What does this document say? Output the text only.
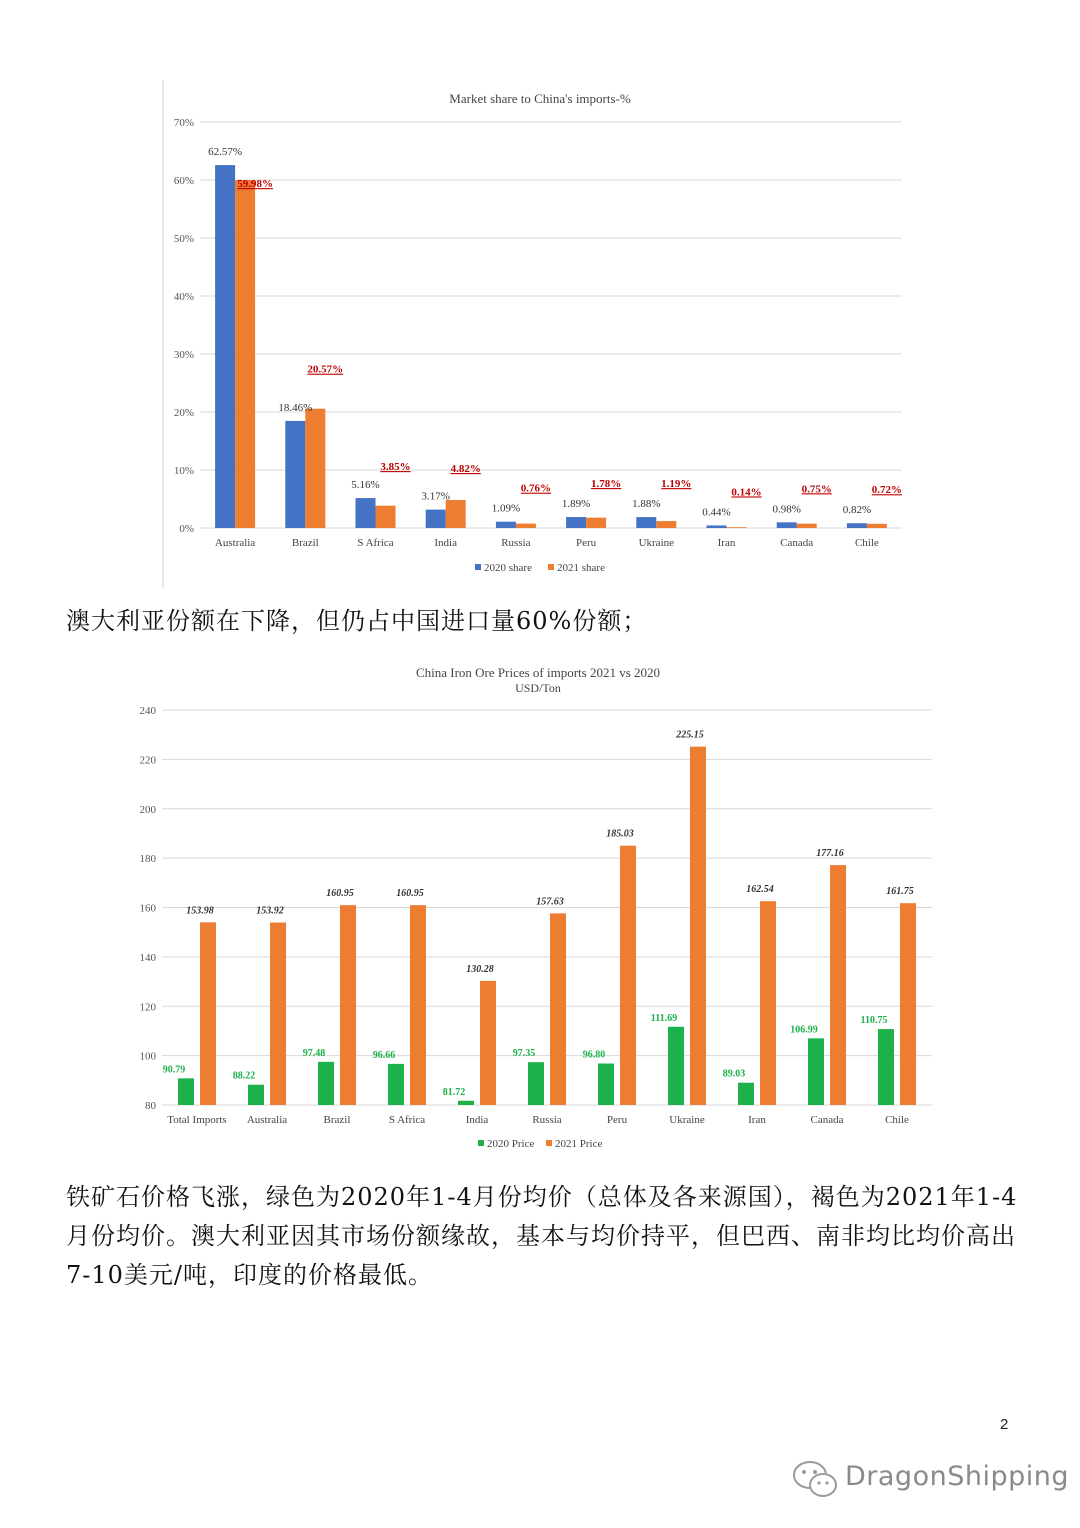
Market share to China's imports-%
0%
10%
20%
30%
40%
50%
60%
70%
62.57%
59.98%
18.46%
20.57%
5.16%
3.85%
3.17%
4.82%
1.09%
0.76%
1.89%
1.78%
1.88%
1.19%
0.44%
0.14%
0.98%
0.75%
0.82%
0.72%
Australia	Brazil	S Africa	India	Russia	Peru	Ukraine	Iran	Canada	Chile
2020 share 2021 share

澳大利亚份额在下降，但仍占中国进口量60%份额；

China Iron Ore Prices of imports 2021 vs 2020
USD/Ton
80
100
120
140
160
180
200
220
240
90.79
153.98
88.22
153.92
97.48
160.95
96.66
160.95
81.72
130.28
97.35
157.63
96.80
185.03
111.69
225.15
89.03
162.54
106.99
177.16
110.75
161.75
Total Imports Australia	Brazil	S Africa	India	Russia	Peru	Ukraine	Iran	Canada	Chile
2020 Price 2021 Price

铁矿石价格飞涨，绿色为2020年1-4月份均价（总体及各来源国），褐色为2021年1-4月份均价。澳大利亚因其市场份额缘故，基本与均价持平，但巴西、南非均比均价高出7-10美元/吨，印度的价格最低。

2
DragonShipping
